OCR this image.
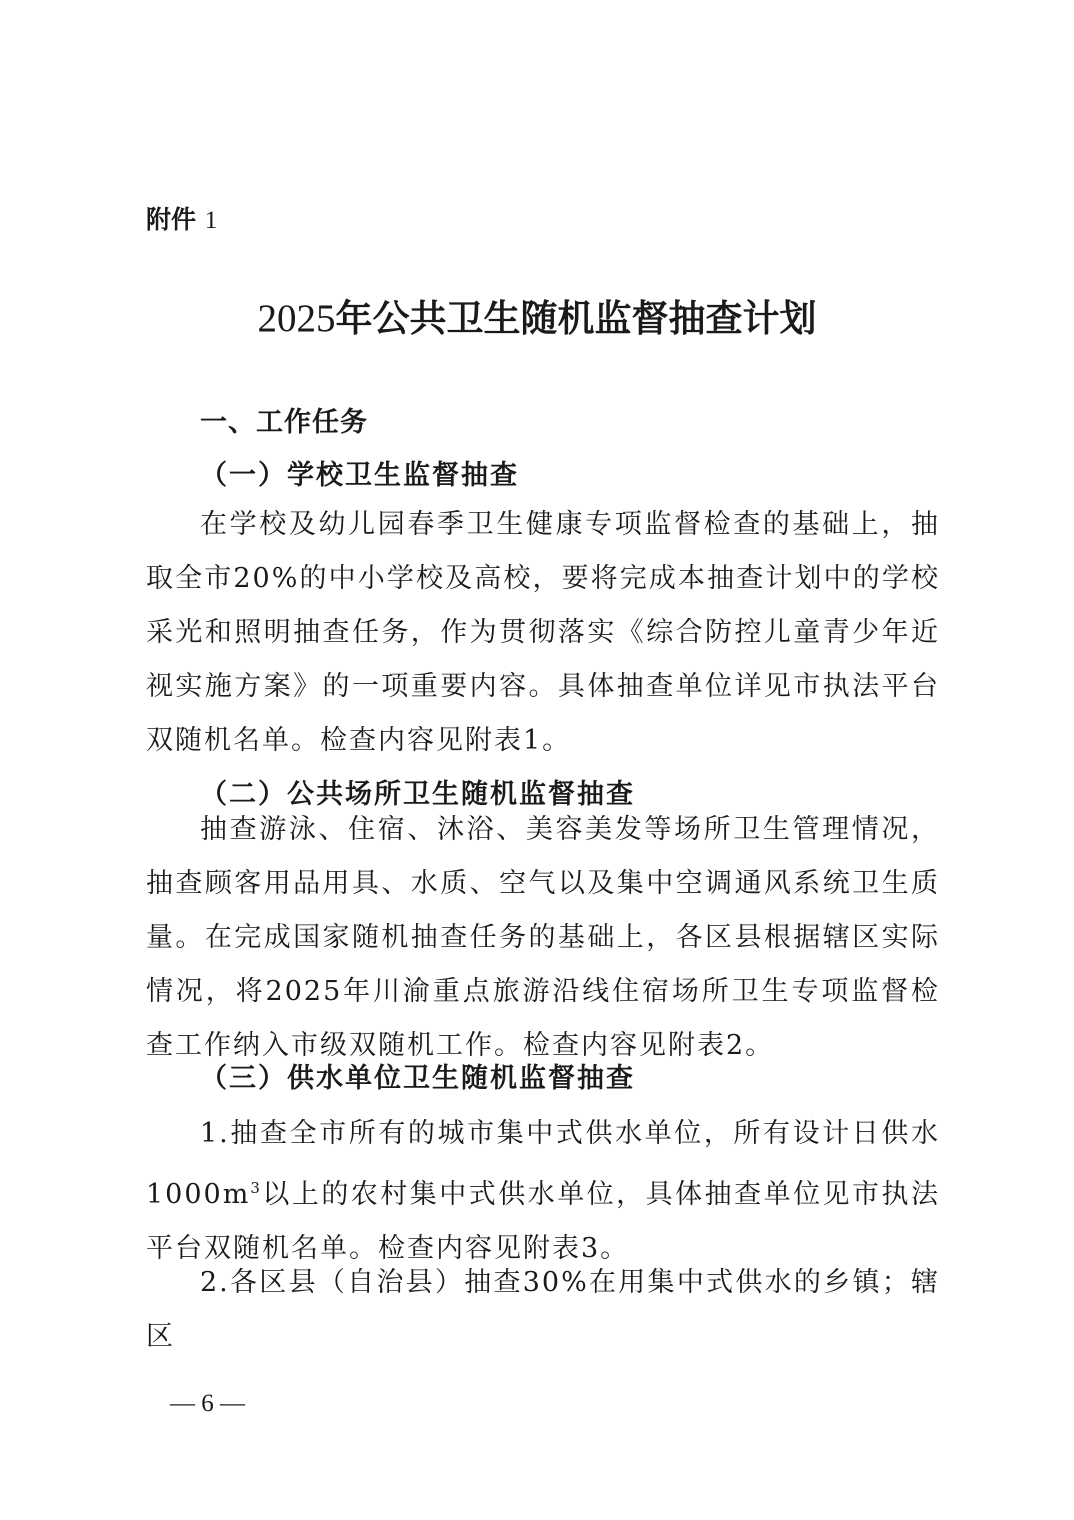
附件 1
2025年公共卫生随机监督抽查计划
一、工作任务
（一）学校卫生监督抽查

在学校及幼儿园春季卫生健康专项监督检查的基础上，抽取全市20%的中小学校及高校，要将完成本抽查计划中的学校采光和照明抽查任务，作为贯彻落实《综合防控儿童青少年近视实施方案》的一项重要内容。具体抽查单位详见市执法平台双随机名单。检查内容见附表1。

（二）公共场所卫生随机监督抽查

抽查游泳、住宿、沐浴、美容美发等场所卫生管理情况，抽查顾客用品用具、水质、空气以及集中空调通风系统卫生质量。在完成国家随机抽查任务的基础上，各区县根据辖区实际情况，将2025年川渝重点旅游沿线住宿场所卫生专项监督检查工作纳入市级双随机工作。检查内容见附表2。

（三）供水单位卫生随机监督抽查

1.抽查全市所有的城市集中式供水单位，所有设计日供水$1000m^3$以上的农村集中式供水单位，具体抽查单位见市执法平台双随机名单。检查内容见附表3。

2.各区县（自治县）抽查30%在用集中式供水的乡镇；辖区

— 6 —
